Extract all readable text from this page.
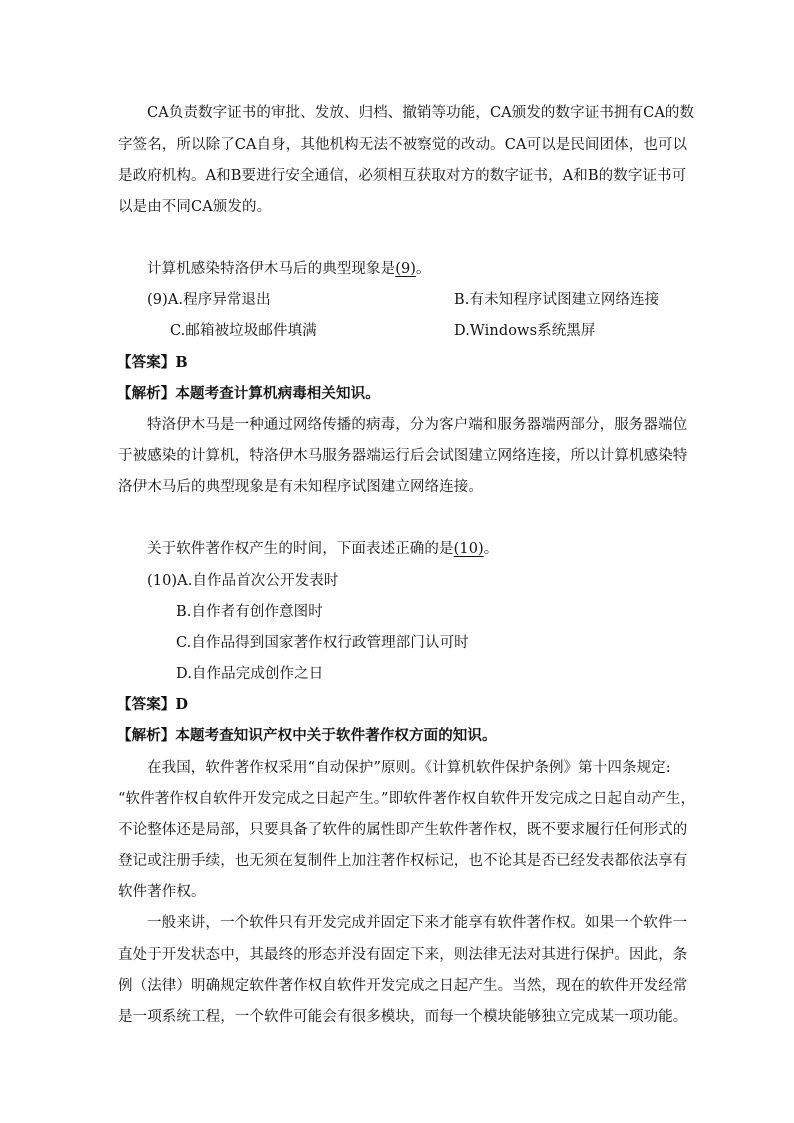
CA负责数字证书的审批、发放、归档、撤销等功能，CA颁发的数字证书拥有CA的数
字签名，所以除了CA自身，其他机构无法不被察觉的改动。CA可以是民间团体，也可以
是政府机构。A和B要进行安全通信，必须相互获取对方的数字证书，A和B的数字证书可
以是由不同CA颁发的。
计算机感染特洛伊木马后的典型现象是(9)。
(9)A.程序异常退出	B.有未知程序试图建立网络连接
C.邮箱被垃圾邮件填满	D.Windows系统黑屏
【答案】B
【解析】本题考查计算机病毒相关知识。
特洛伊木马是一种通过网络传播的病毒，分为客户端和服务器端两部分，服务器端位
于被感染的计算机，特洛伊木马服务器端运行后会试图建立网络连接，所以计算机感染特
洛伊木马后的典型现象是有未知程序试图建立网络连接。
关于软件著作权产生的时间，下面表述正确的是(10)。
(10)A.自作品首次公开发表时
B.自作者有创作意图时
C.自作品得到国家著作权行政管理部门认可时
D.自作品完成创作之日
【答案】D
【解析】本题考查知识产权中关于软件著作权方面的知识。
在我国，软件著作权采用“自动保护”原则。《计算机软件保护条例》第十四条规定:
“软件著作权自软件开发完成之日起产生。”即软件著作权自软件开发完成之日起自动产生，
不论整体还是局部，只要具备了软件的属性即产生软件著作权，既不要求履行任何形式的
登记或注册手续，也无须在复制件上加注著作权标记，也不论其是否已经发表都依法享有
软件著作权。
一般来讲，一个软件只有开发完成并固定下来才能享有软件著作权。如果一个软件一
直处于开发状态中，其最终的形态并没有固定下来，则法律无法对其进行保护。因此，条
例（法律）明确规定软件著作权自软件开发完成之日起产生。当然，现在的软件开发经常
是一项系统工程，一个软件可能会有很多模块，而每一个模块能够独立完成某一项功能。
